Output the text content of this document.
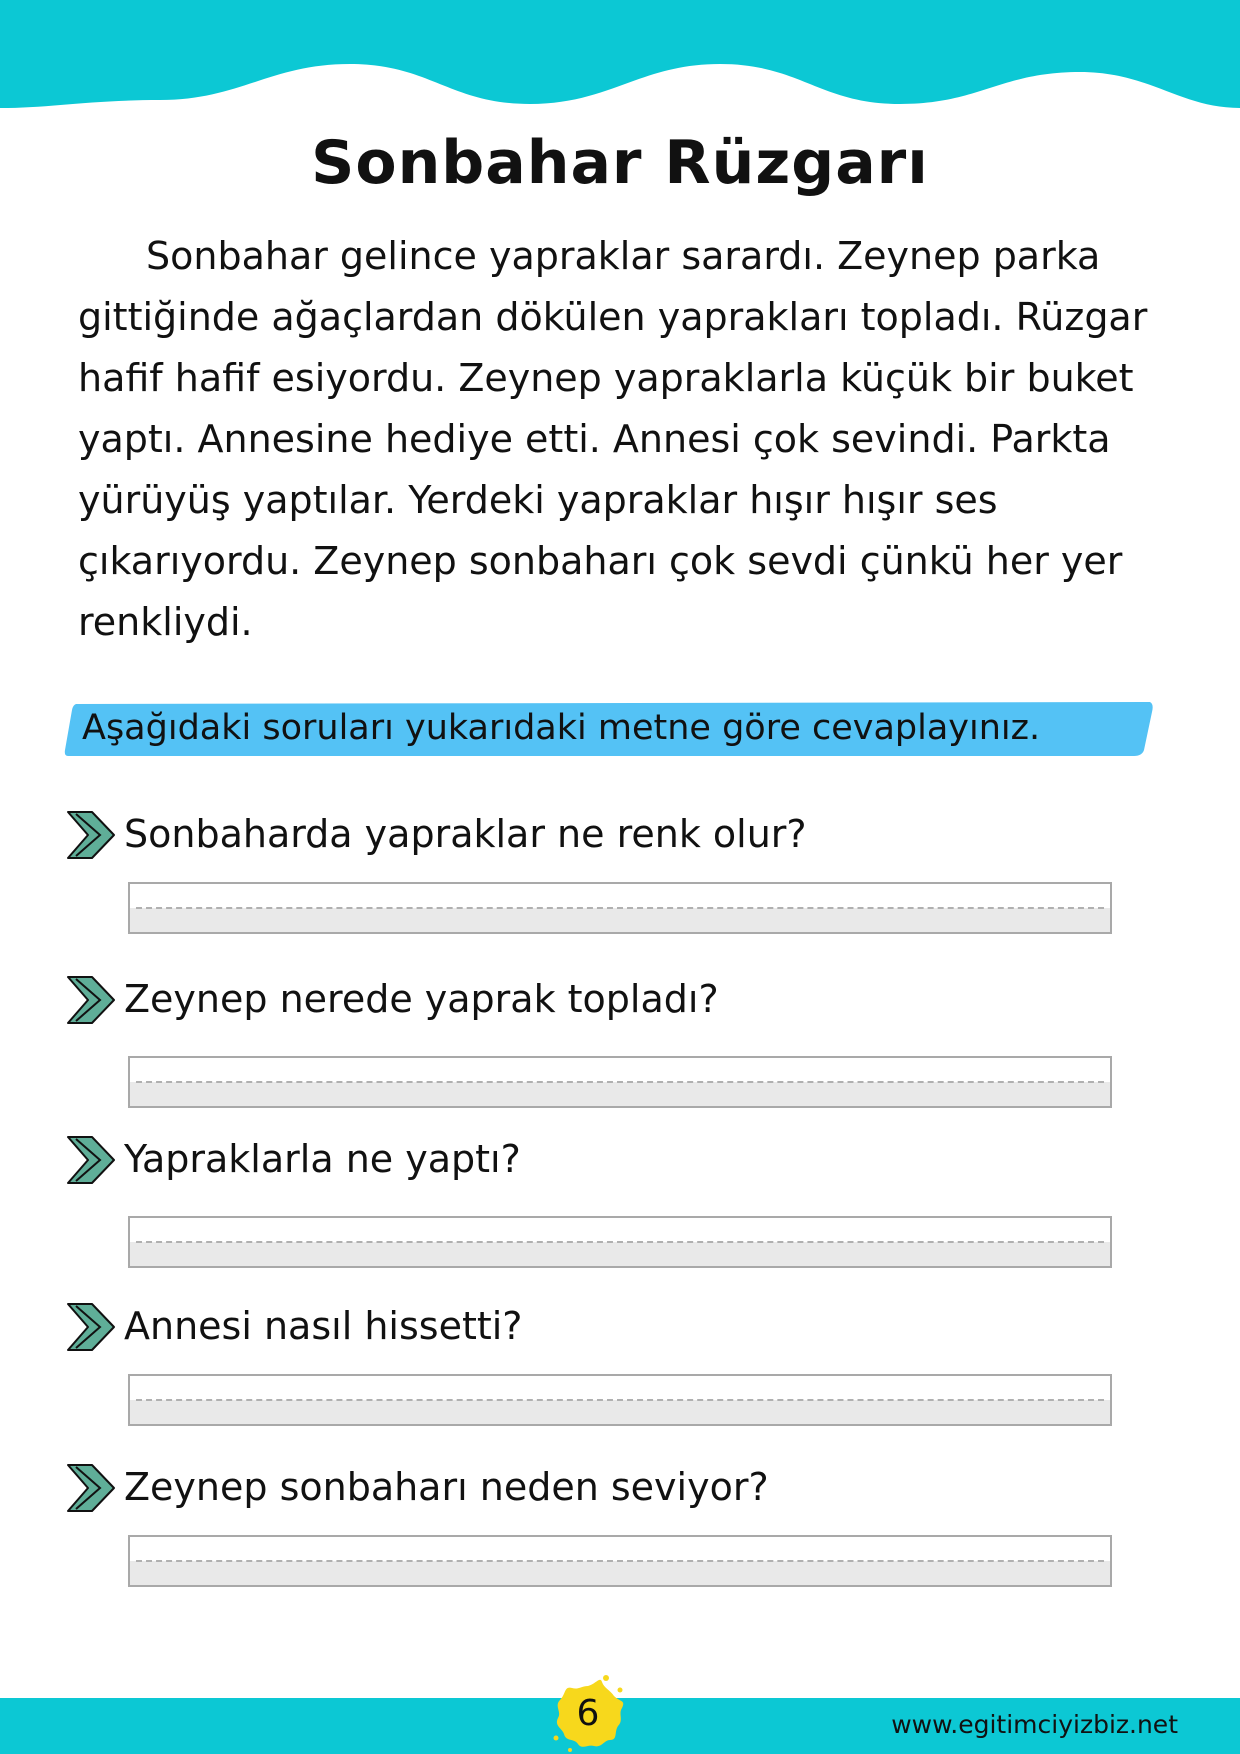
Sonbahar Rüzgarı

Sonbahar gelince yapraklar sarardı. Zeynep parka gittiğinde ağaçlardan dökülen yaprakları topladı. Rüzgar hafif hafif esiyordu. Zeynep yapraklarla küçük bir buket yaptı. Annesine hediye etti. Annesi çok sevindi. Parkta yürüyüş yaptılar. Yerdeki yapraklar hışır hışır ses çıkarıyordu. Zeynep sonbaharı çok sevdi çünkü her yer renkliydi.

Aşağıdaki soruları yukarıdaki metne göre cevaplayınız.
Sonbaharda yapraklar ne renk olur?
Zeynep nerede yaprak topladı?
Yapraklarla ne yaptı?
Annesi nasıl hissetti?
Zeynep sonbaharı neden seviyor?
6	www.egitimciyizbiz.net
